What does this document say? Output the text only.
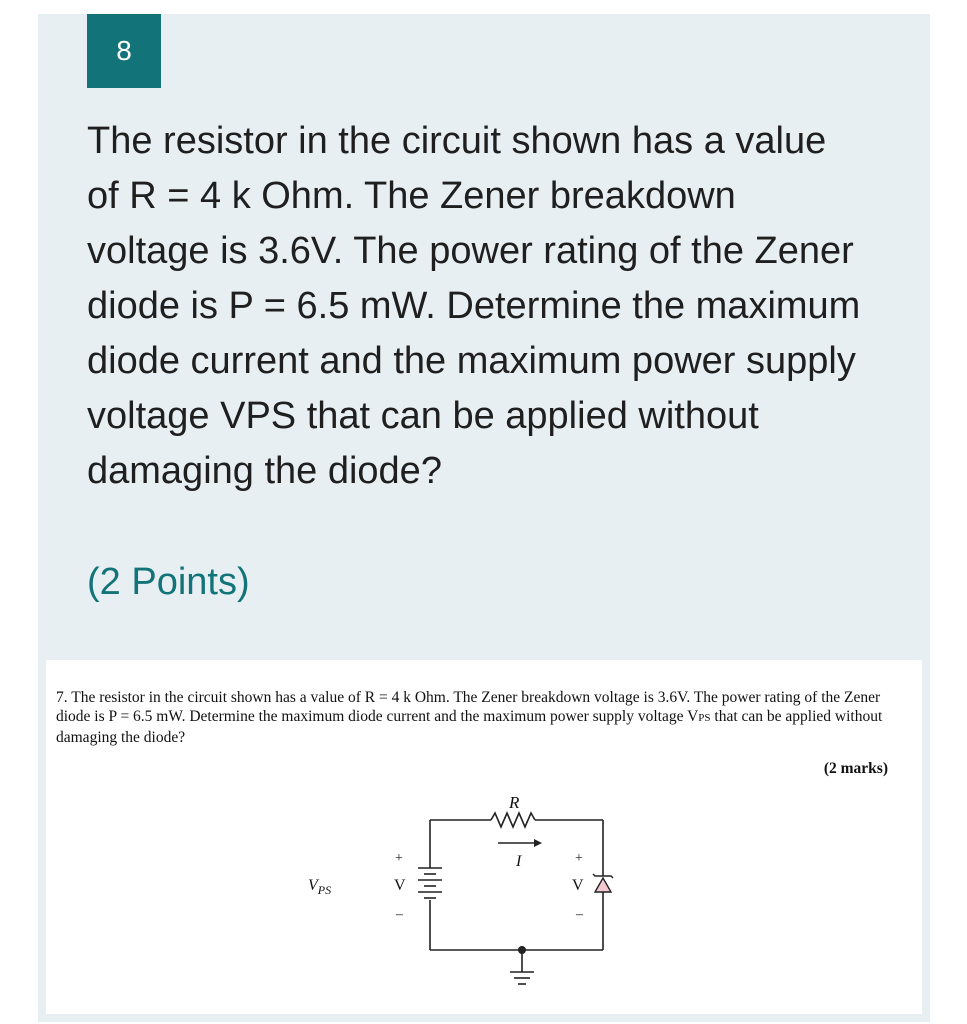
8
The resistor in the circuit shown has a value of R = 4 k Ohm. The Zener breakdown voltage is 3.6V. The power rating of the Zener diode is P = 6.5 mW. Determine the maximum diode current and the maximum power supply voltage VPS that can be applied without damaging the diode?
(2 Points)
7. The resistor in the circuit shown has a value of R = 4 k Ohm. The Zener breakdown voltage is 3.6V. The power rating of the Zener diode is P = 6.5 mW. Determine the maximum diode current and the maximum power supply voltage VPS that can be applied without damaging the diode?
(2 marks)
R
I
$V_{PS}$
+
V
–
+
V
–
